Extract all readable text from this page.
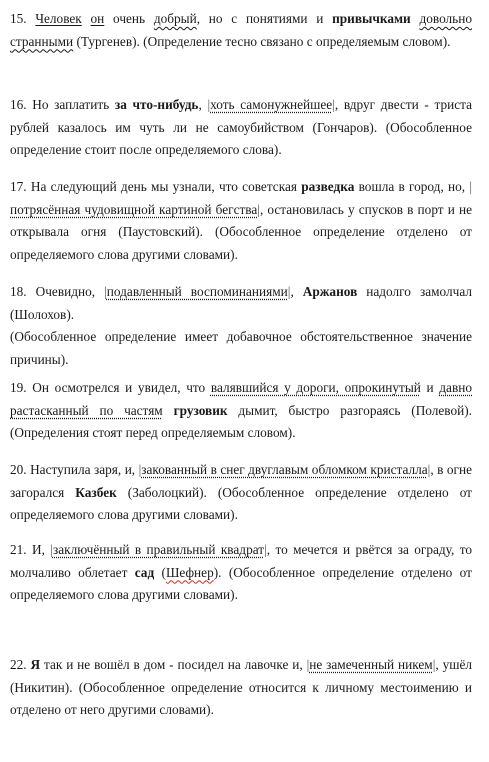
15. Человек он очень добрый, но с понятиями и привычками довольно странными (Тургенев). (Определение тесно связано с определяемым словом).

16. Но заплатить за что-нибудь, |хоть самонужнейшее|, вдруг двести - триста рублей казалось им чуть ли не самоубийством (Гончаров). (Обособленное определение стоит после определяемого слова).

17. На следующий день мы узнали, что советская разведка вошла в город, но, |потрясённая чудовищной картиной бегства|, остановилась у спусков в порт и не открывала огня (Паустовский). (Обособленное определение отделено от определяемого слова другими словами).

18. Очевидно, |подавленный воспоминаниями|, Аржанов надолго замолчал (Шолохов).
(Обособленное определение имеет добавочное обстоятельственное значение причины).

19. Он осмотрелся и увидел, что валявшийся у дороги, опрокинутый и давно растасканный по частям грузовик дымит, быстро разгораясь (Полевой). (Определения стоят перед определяемым словом).

20. Наступила заря, и, |закованный в снег двуглавым обломком кристалла|, в огне загорался Казбек (Заболоцкий). (Обособленное определение отделено от определяемого слова другими словами).

21. И, |заключённый в правильный квадрат|, то мечется и рвётся за ограду, то молчаливо облетает сад (Шефнер). (Обособленное определение отделено от определяемого слова другими словами).

22. Я так и не вошёл в дом - посидел на лавочке и, |не замеченный никем|, ушёл (Никитин). (Обособленное определение относится к личному местоимению и отделено от него другими словами).
